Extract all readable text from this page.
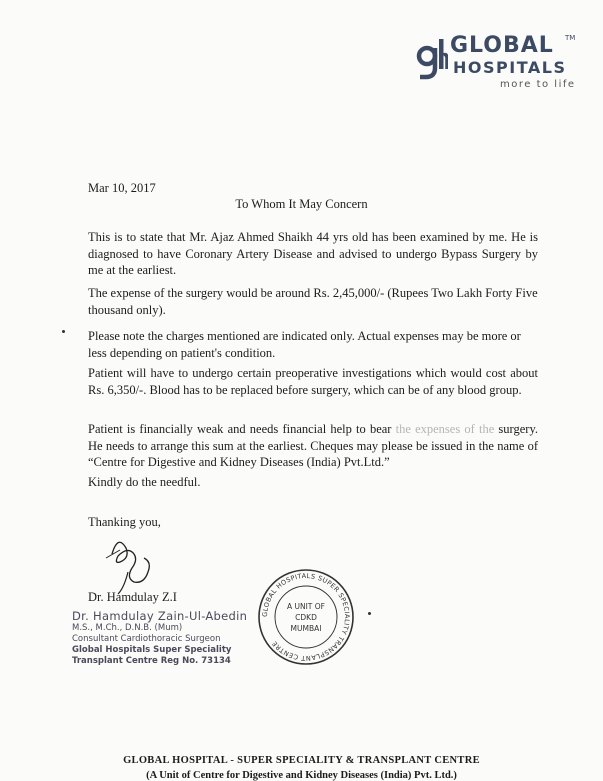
GLOBAL TM
HOSPITALS
more to life
Mar 10, 2017
To Whom It May Concern
This is to state that Mr. Ajaz Ahmed Shaikh 44 yrs old has been examined by me. He is diagnosed to have Coronary Artery Disease and advised to undergo Bypass Surgery by me at the earliest.
The expense of the surgery would be around Rs. 2,45,000/- (Rupees Two Lakh Forty Five thousand only).
Please note the charges mentioned are indicated only. Actual expenses may be more or less depending on patient's condition.
Patient will have to undergo certain preoperative investigations which would cost about Rs. 6,350/-. Blood has to be replaced before surgery, which can be of any blood group.
Patient is financially weak and needs financial help to bear the expenses of the surgery. He needs to arrange this sum at the earliest. Cheques may please be issued in the name of “Centre for Digestive and Kidney Diseases (India) Pvt.Ltd.”
Kindly do the needful.
Thanking you,
Dr. Hamdulay Z.I
Dr. Hamdulay Zain-Ul-Abedin
M.S., M.Ch., D.N.B. (Mum)
Consultant Cardiothoracic Surgeon
Global Hospitals Super Speciality
Transplant Centre Reg No. 73134
GLOBAL HOSPITALS SUPER SPECIALITY TRANSPLANT CENTRE
A UNIT OF
CDKD
MUMBAI
GLOBAL HOSPITAL - SUPER SPECIALITY & TRANSPLANT CENTRE
(A Unit of Centre for Digestive and Kidney Diseases (India) Pvt. Ltd.)
